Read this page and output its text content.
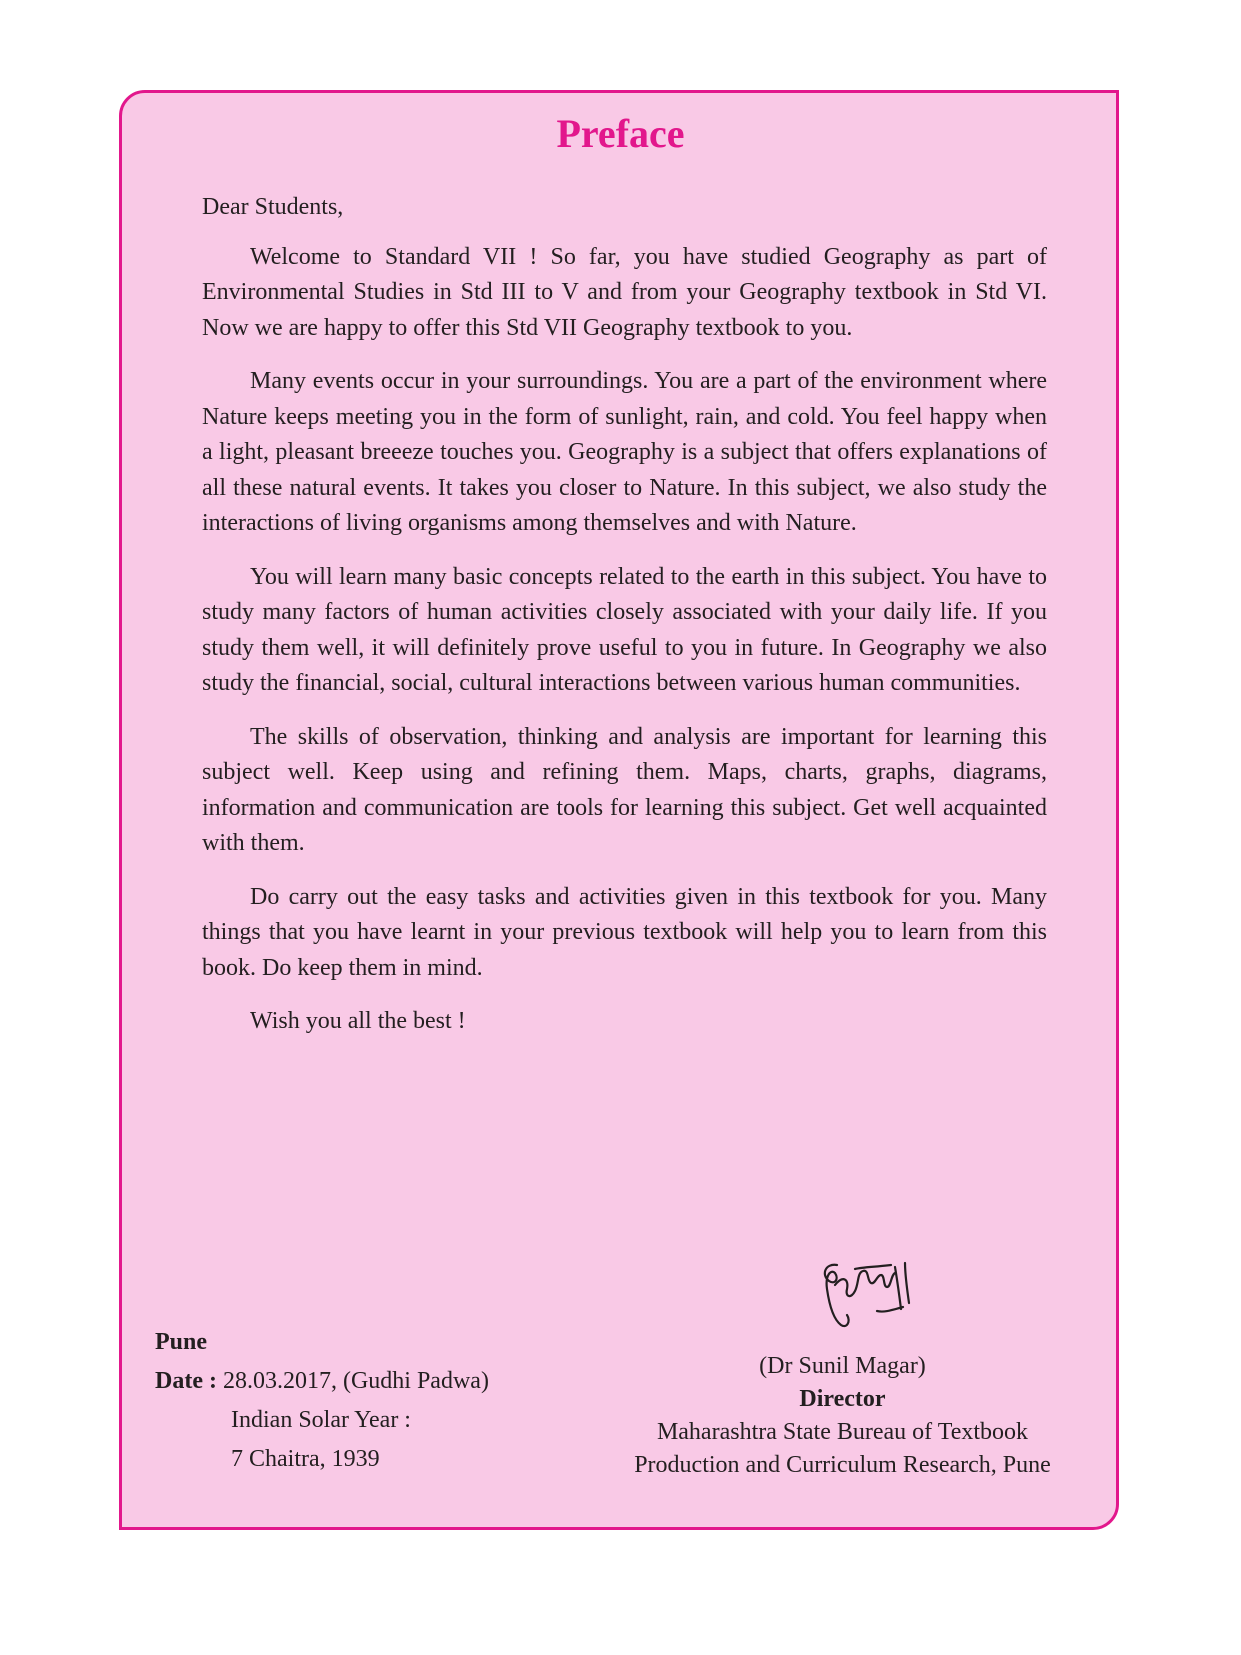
Preface

Dear Students,

Welcome to Standard VII ! So far, you have studied Geography as part of Environmental Studies in Std III to V and from your Geography textbook in Std VI. Now we are happy to offer this Std VII Geography textbook to you.

Many events occur in your surroundings. You are a part of the environment where Nature keeps meeting you in the form of sunlight, rain, and cold. You feel happy when a light, pleasant breeeze touches you. Geography is a subject that offers explanations of all these natural events. It takes you closer to Nature. In this subject, we also study the interactions of living organisms among themselves and with Nature.

You will learn many basic concepts related to the earth in this subject. You have to study many factors of human activities closely associated with your daily life. If you study them well, it will definitely prove useful to you in future. In Geography we also study the financial, social, cultural interactions between various human communities.

The skills of observation, thinking and analysis are important for learning this subject well. Keep using and refining them. Maps, charts, graphs, diagrams, information and communication are tools for learning this subject. Get well acquainted with them.

Do carry out the easy tasks and activities given in this textbook for you. Many things that you have learnt in your previous textbook will help you to learn from this book. Do keep them in mind.

Wish you all the best !

Pune
Date : 28.03.2017, (Gudhi Padwa)
Indian Solar Year :
7 Chaitra, 1939
(Dr Sunil Magar)
Director
Maharashtra State Bureau of Textbook
Production and Curriculum Research, Pune
